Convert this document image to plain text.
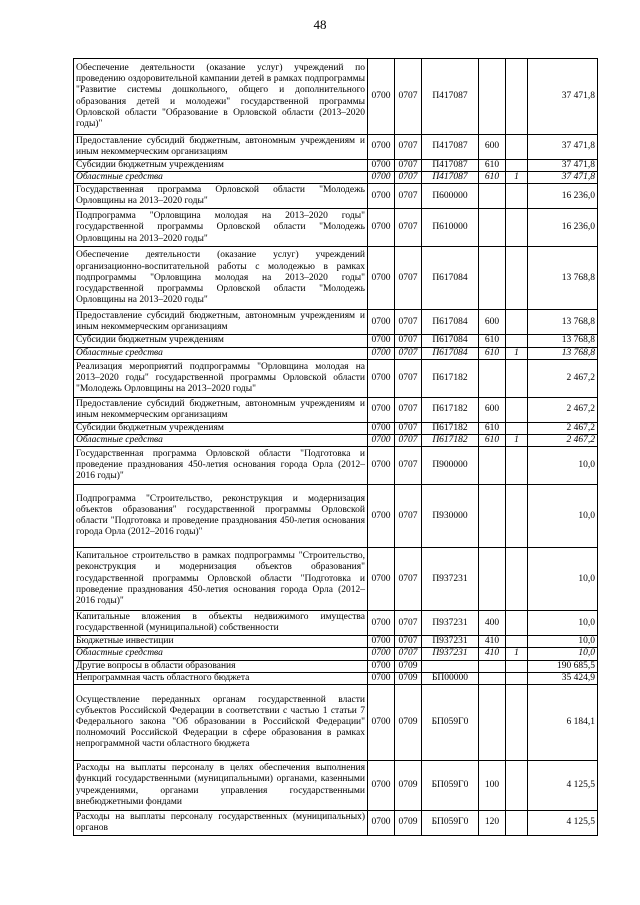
48
Обеспечение деятельности (оказание услуг) учреждений по проведению оздоровительной кампании детей в рамках подпрограммы "Развитие системы дошкольного, общего и дополнительного образования детей и молодежи" государственной программы Орловской области "Образование в Орловской области (2013–2020 годы)"	0700	0707	П417087			37 471,8
Предоставление субсидий бюджетным, автономным учреждениям и иным некоммерческим организациям	0700	0707	П417087	600		37 471,8
Субсидии бюджетным учреждениям	0700	0707	П417087	610		37 471,8
Областные средства	0700	0707	П417087	610	1	37 471,8
Государственная программа Орловской области "Молодежь Орловщины на 2013–2020 годы"	0700	0707	П600000			16 236,0
Подпрограмма "Орловщина молодая на 2013–2020 годы" государственной программы Орловской области "Молодежь Орловщины на 2013–2020 годы"	0700	0707	П610000			16 236,0
Обеспечение деятельности (оказание услуг) учреждений организационно-воспитательной работы с молодежью в рамках подпрограммы "Орловщина молодая на 2013–2020 годы" государственной программы Орловской области "Молодежь Орловщины на 2013–2020 годы"	0700	0707	П617084			13 768,8
Предоставление субсидий бюджетным, автономным учреждениям и иным некоммерческим организациям	0700	0707	П617084	600		13 768,8
Субсидии бюджетным учреждениям	0700	0707	П617084	610		13 768,8
Областные средства	0700	0707	П617084	610	1	13 768,8
Реализация мероприятий подпрограммы "Орловщина молодая на 2013–2020 годы" государственной программы Орловской области "Молодежь Орловщины на 2013–2020 годы"	0700	0707	П617182			2 467,2
Предоставление субсидий бюджетным, автономным учреждениям и иным некоммерческим организациям	0700	0707	П617182	600		2 467,2
Субсидии бюджетным учреждениям	0700	0707	П617182	610		2 467,2
Областные средства	0700	0707	П617182	610	1	2 467,2
Государственная программа Орловской области "Подготовка и проведение празднования 450-летия основания города Орла (2012–2016 годы)"	0700	0707	П900000			10,0
Подпрограмма "Строительство, реконструкция и модернизация объектов образования" государственной программы Орловской области "Подготовка и проведение празднования 450-летия основания города Орла (2012–2016 годы)"	0700	0707	П930000			10,0
Капитальное строительство в рамках подпрограммы "Строительство, реконструкция и модернизация объектов образования" государственной программы Орловской области "Подготовка и проведение празднования 450-летия основания города Орла (2012–2016 годы)"	0700	0707	П937231			10,0
Капитальные вложения в объекты недвижимого имущества государственной (муниципальной) собственности	0700	0707	П937231	400		10,0
Бюджетные инвестиции	0700	0707	П937231	410		10,0
Областные средства	0700	0707	П937231	410	1	10,0
Другие вопросы в области образования	0700	0709				190 685,5
Непрограммная часть областного бюджета	0700	0709	БП00000			35 424,9
Осуществление переданных органам государственной власти субъектов Российской Федерации в соответствии с частью 1 статьи 7 Федерального закона "Об образовании в Российской Федерации" полномочий Российской Федерации в сфере образования в рамках непрограммной части областного бюджета	0700	0709	БП059Г0			6 184,1
Расходы на выплаты персоналу в целях обеспечения выполнения функций государственными (муниципальными) органами, казенными учреждениями, органами управления государственными внебюджетными фондами	0700	0709	БП059Г0	100		4 125,5
Расходы на выплаты персоналу государственных (муниципальных) органов	0700	0709	БП059Г0	120		4 125,5
